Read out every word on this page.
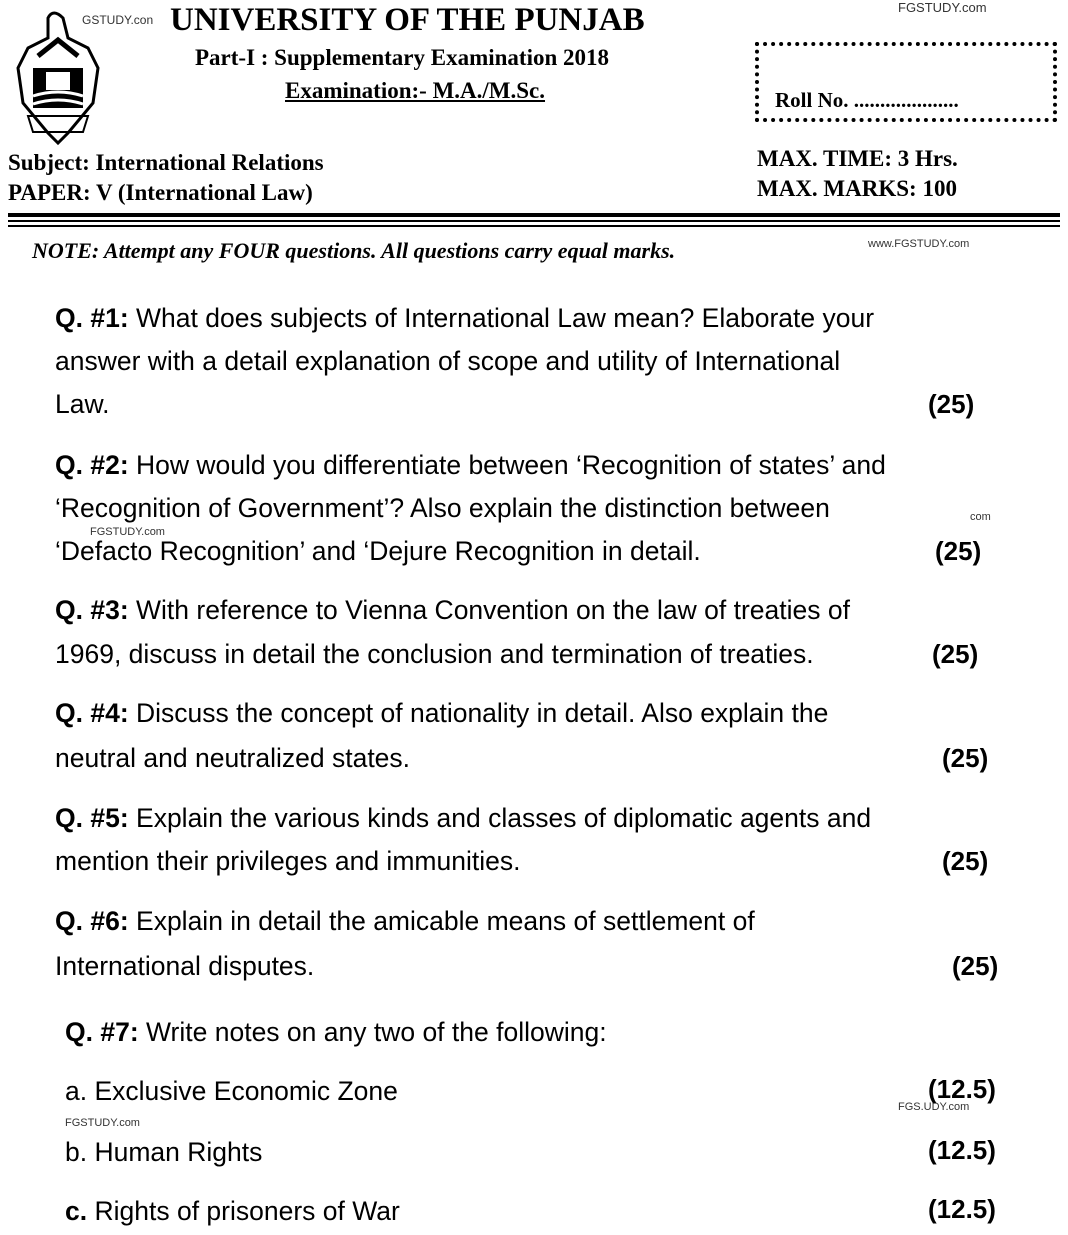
FGSTUDY.com
GSTUDY.con
www.FGSTUDY.com
FGSTUDY.com
com
FGSTUDY.com
FGS.UDY.com
UNIVERSITY OF THE PUNJAB
Part-I : Supplementary Examination 2018
Examination:- M.A./M.Sc.	Roll No. ....................
Subject: International Relations
PAPER: V (International Law)
MAX. TIME: 3 Hrs.
MAX. MARKS: 100
NOTE: Attempt any FOUR questions. All questions carry equal marks.
Q. #1: What does subjects of International Law mean? Elaborate your
answer with a detail explanation of scope and utility of International
Law.	(25)
Q. #2: How would you differentiate between ‘Recognition of states’ and
‘Recognition of Government’? Also explain the distinction between
‘Defacto Recognition’ and ‘Dejure Recognition in detail.	(25)
Q. #3: With reference to Vienna Convention on the law of treaties of
1969, discuss in detail the conclusion and termination of treaties.	(25)
Q. #4: Discuss the concept of nationality in detail. Also explain the
neutral and neutralized states.	(25)
Q. #5: Explain the various kinds and classes of diplomatic agents and
mention their privileges and immunities.	(25)
Q. #6: Explain in detail the amicable means of settlement of
International disputes.	(25)
Q. #7: Write notes on any two of the following:
a. Exclusive Economic Zone	(12.5)
b. Human Rights	(12.5)
c. Rights of prisoners of War	(12.5)
